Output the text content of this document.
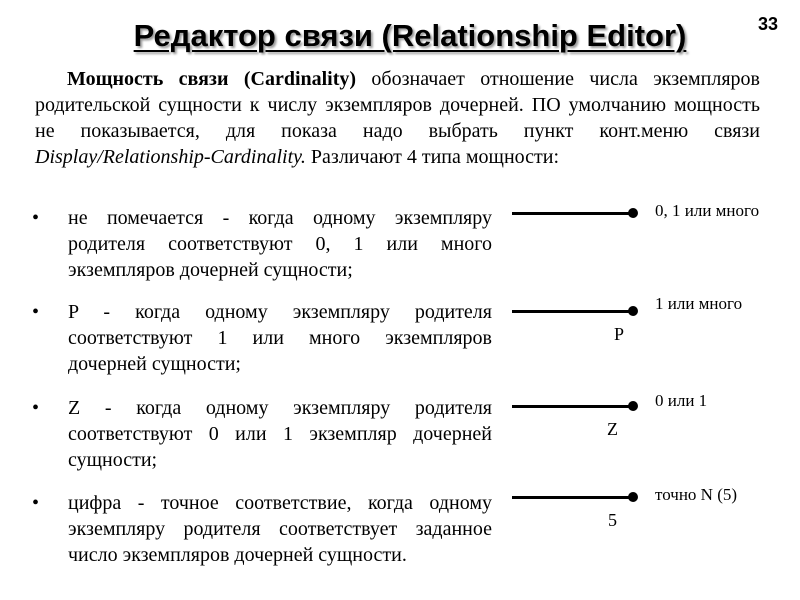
Редактор связи (Relationship Editor)	33

Мощность связи (Cardinality) обозначает отношение числа экземпляров родительской сущности к числу экземпляров дочерней. ПО умолчанию мощность не показывается, для показа надо выбрать пункт конт.меню связи Display/Relationship-Cardinality. Различают 4 типа мощности:

• не помечается - когда одному экземпляру родителя соответствуют 0, 1 или много экземпляров дочерней сущности;
• P - когда одному экземпляру родителя соответствуют 1 или много экземпляров дочерней сущности;
• Z - когда одному экземпляру родителя соответствуют 0 или 1 экземпляр дочерней сущности;
• цифра - точное соответствие, когда одному экземпляру родителя соответствует заданное число экземпляров дочерней сущности.
0, 1 или много
P
1 или много
Z
0 или 1
5
точно N (5)
